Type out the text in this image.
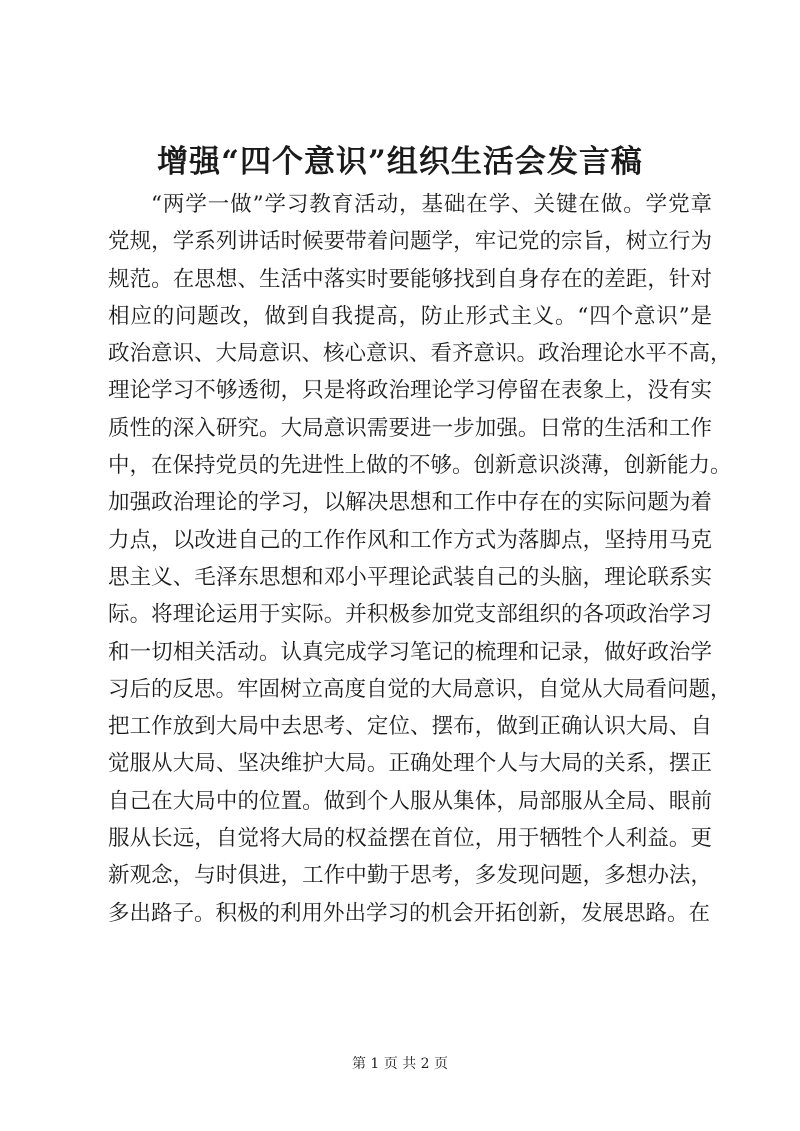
增强“四个意识”组织生活会发言稿
“两学一做”学习教育活动，基础在学、关键在做。学党章
党规，学系列讲话时候要带着问题学，牢记党的宗旨，树立行为
规范。在思想、生活中落实时要能够找到自身存在的差距，针对
相应的问题改，做到自我提高，防止形式主义。“四个意识”是
政治意识、大局意识、核心意识、看齐意识。政治理论水平不高，
理论学习不够透彻，只是将政治理论学习停留在表象上，没有实
质性的深入研究。大局意识需要进一步加强。日常的生活和工作
中，在保持党员的先进性上做的不够。创新意识淡薄，创新能力。
加强政治理论的学习，以解决思想和工作中存在的实际问题为着
力点，以改进自己的工作作风和工作方式为落脚点，坚持用马克
思主义、毛泽东思想和邓小平理论武装自己的头脑，理论联系实
际。将理论运用于实际。并积极参加党支部组织的各项政治学习
和一切相关活动。认真完成学习笔记的梳理和记录，做好政治学
习后的反思。牢固树立高度自觉的大局意识，自觉从大局看问题，
把工作放到大局中去思考、定位、摆布，做到正确认识大局、自
觉服从大局、坚决维护大局。正确处理个人与大局的关系，摆正
自己在大局中的位置。做到个人服从集体，局部服从全局、眼前
服从长远，自觉将大局的权益摆在首位，用于牺牲个人利益。更
新观念，与时俱进，工作中勤于思考，多发现问题，多想办法，
多出路子。积极的利用外出学习的机会开拓创新，发展思路。在
第 1 页 共 2 页
